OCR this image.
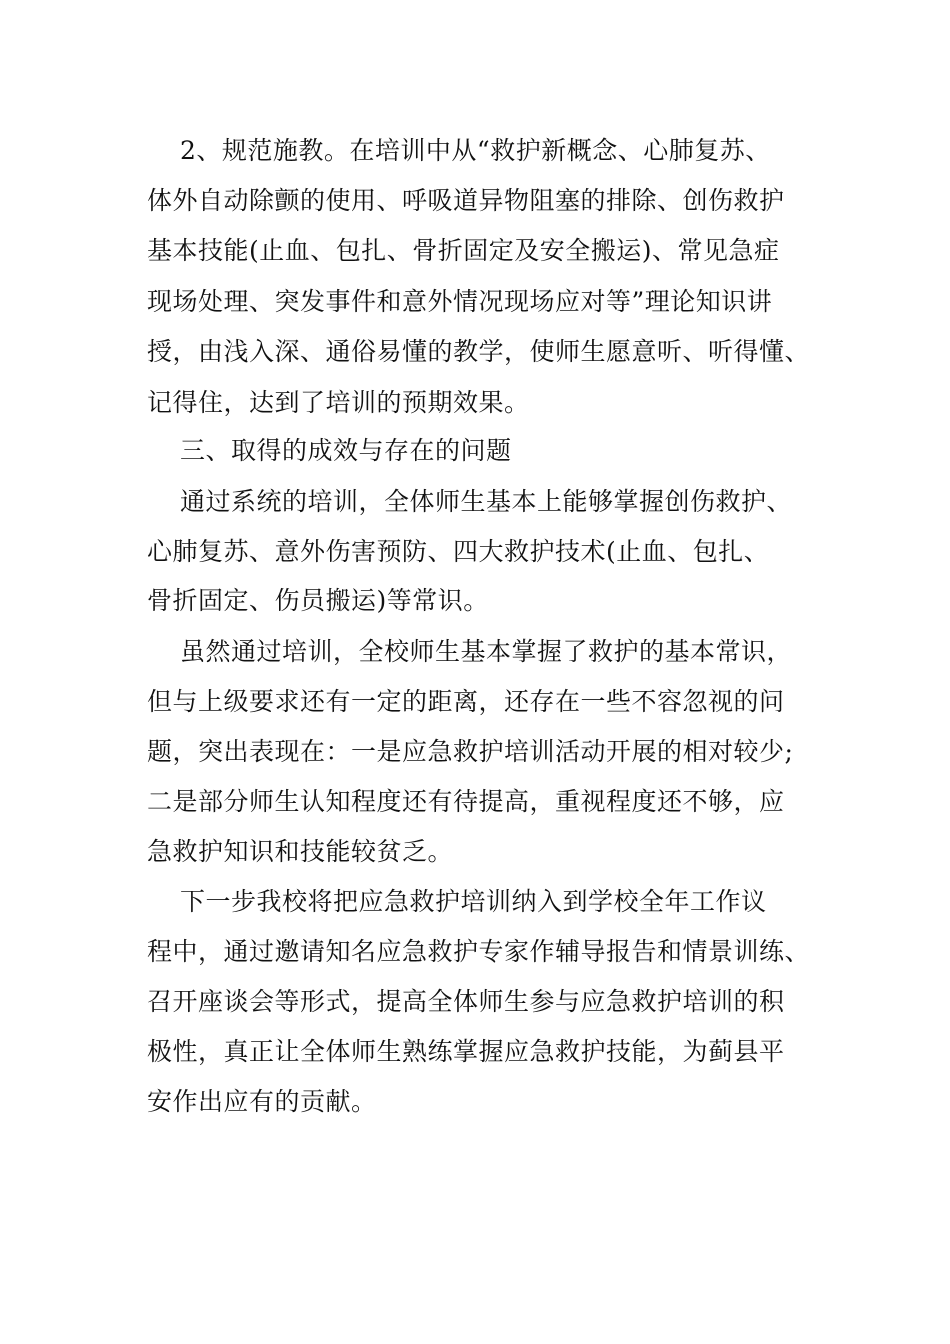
2、规范施教。在培训中从“救护新概念、心肺复苏、
体外自动除颤的使用、呼吸道异物阻塞的排除、创伤救护
基本技能(止血、包扎、骨折固定及安全搬运)、常见急症
现场处理、突发事件和意外情况现场应对等”理论知识讲
授，由浅入深、通俗易懂的教学，使师生愿意听、听得懂、
记得住，达到了培训的预期效果。
三、取得的成效与存在的问题
通过系统的培训，全体师生基本上能够掌握创伤救护、
心肺复苏、意外伤害预防、四大救护技术(止血、包扎、
骨折固定、伤员搬运)等常识。
虽然通过培训，全校师生基本掌握了救护的基本常识，
但与上级要求还有一定的距离，还存在一些不容忽视的问
题，突出表现在：一是应急救护培训活动开展的相对较少;
二是部分师生认知程度还有待提高，重视程度还不够，应
急救护知识和技能较贫乏。
下一步我校将把应急救护培训纳入到学校全年工作议
程中，通过邀请知名应急救护专家作辅导报告和情景训练、
召开座谈会等形式，提高全体师生参与应急救护培训的积
极性，真正让全体师生熟练掌握应急救护技能，为蓟县平
安作出应有的贡献。
